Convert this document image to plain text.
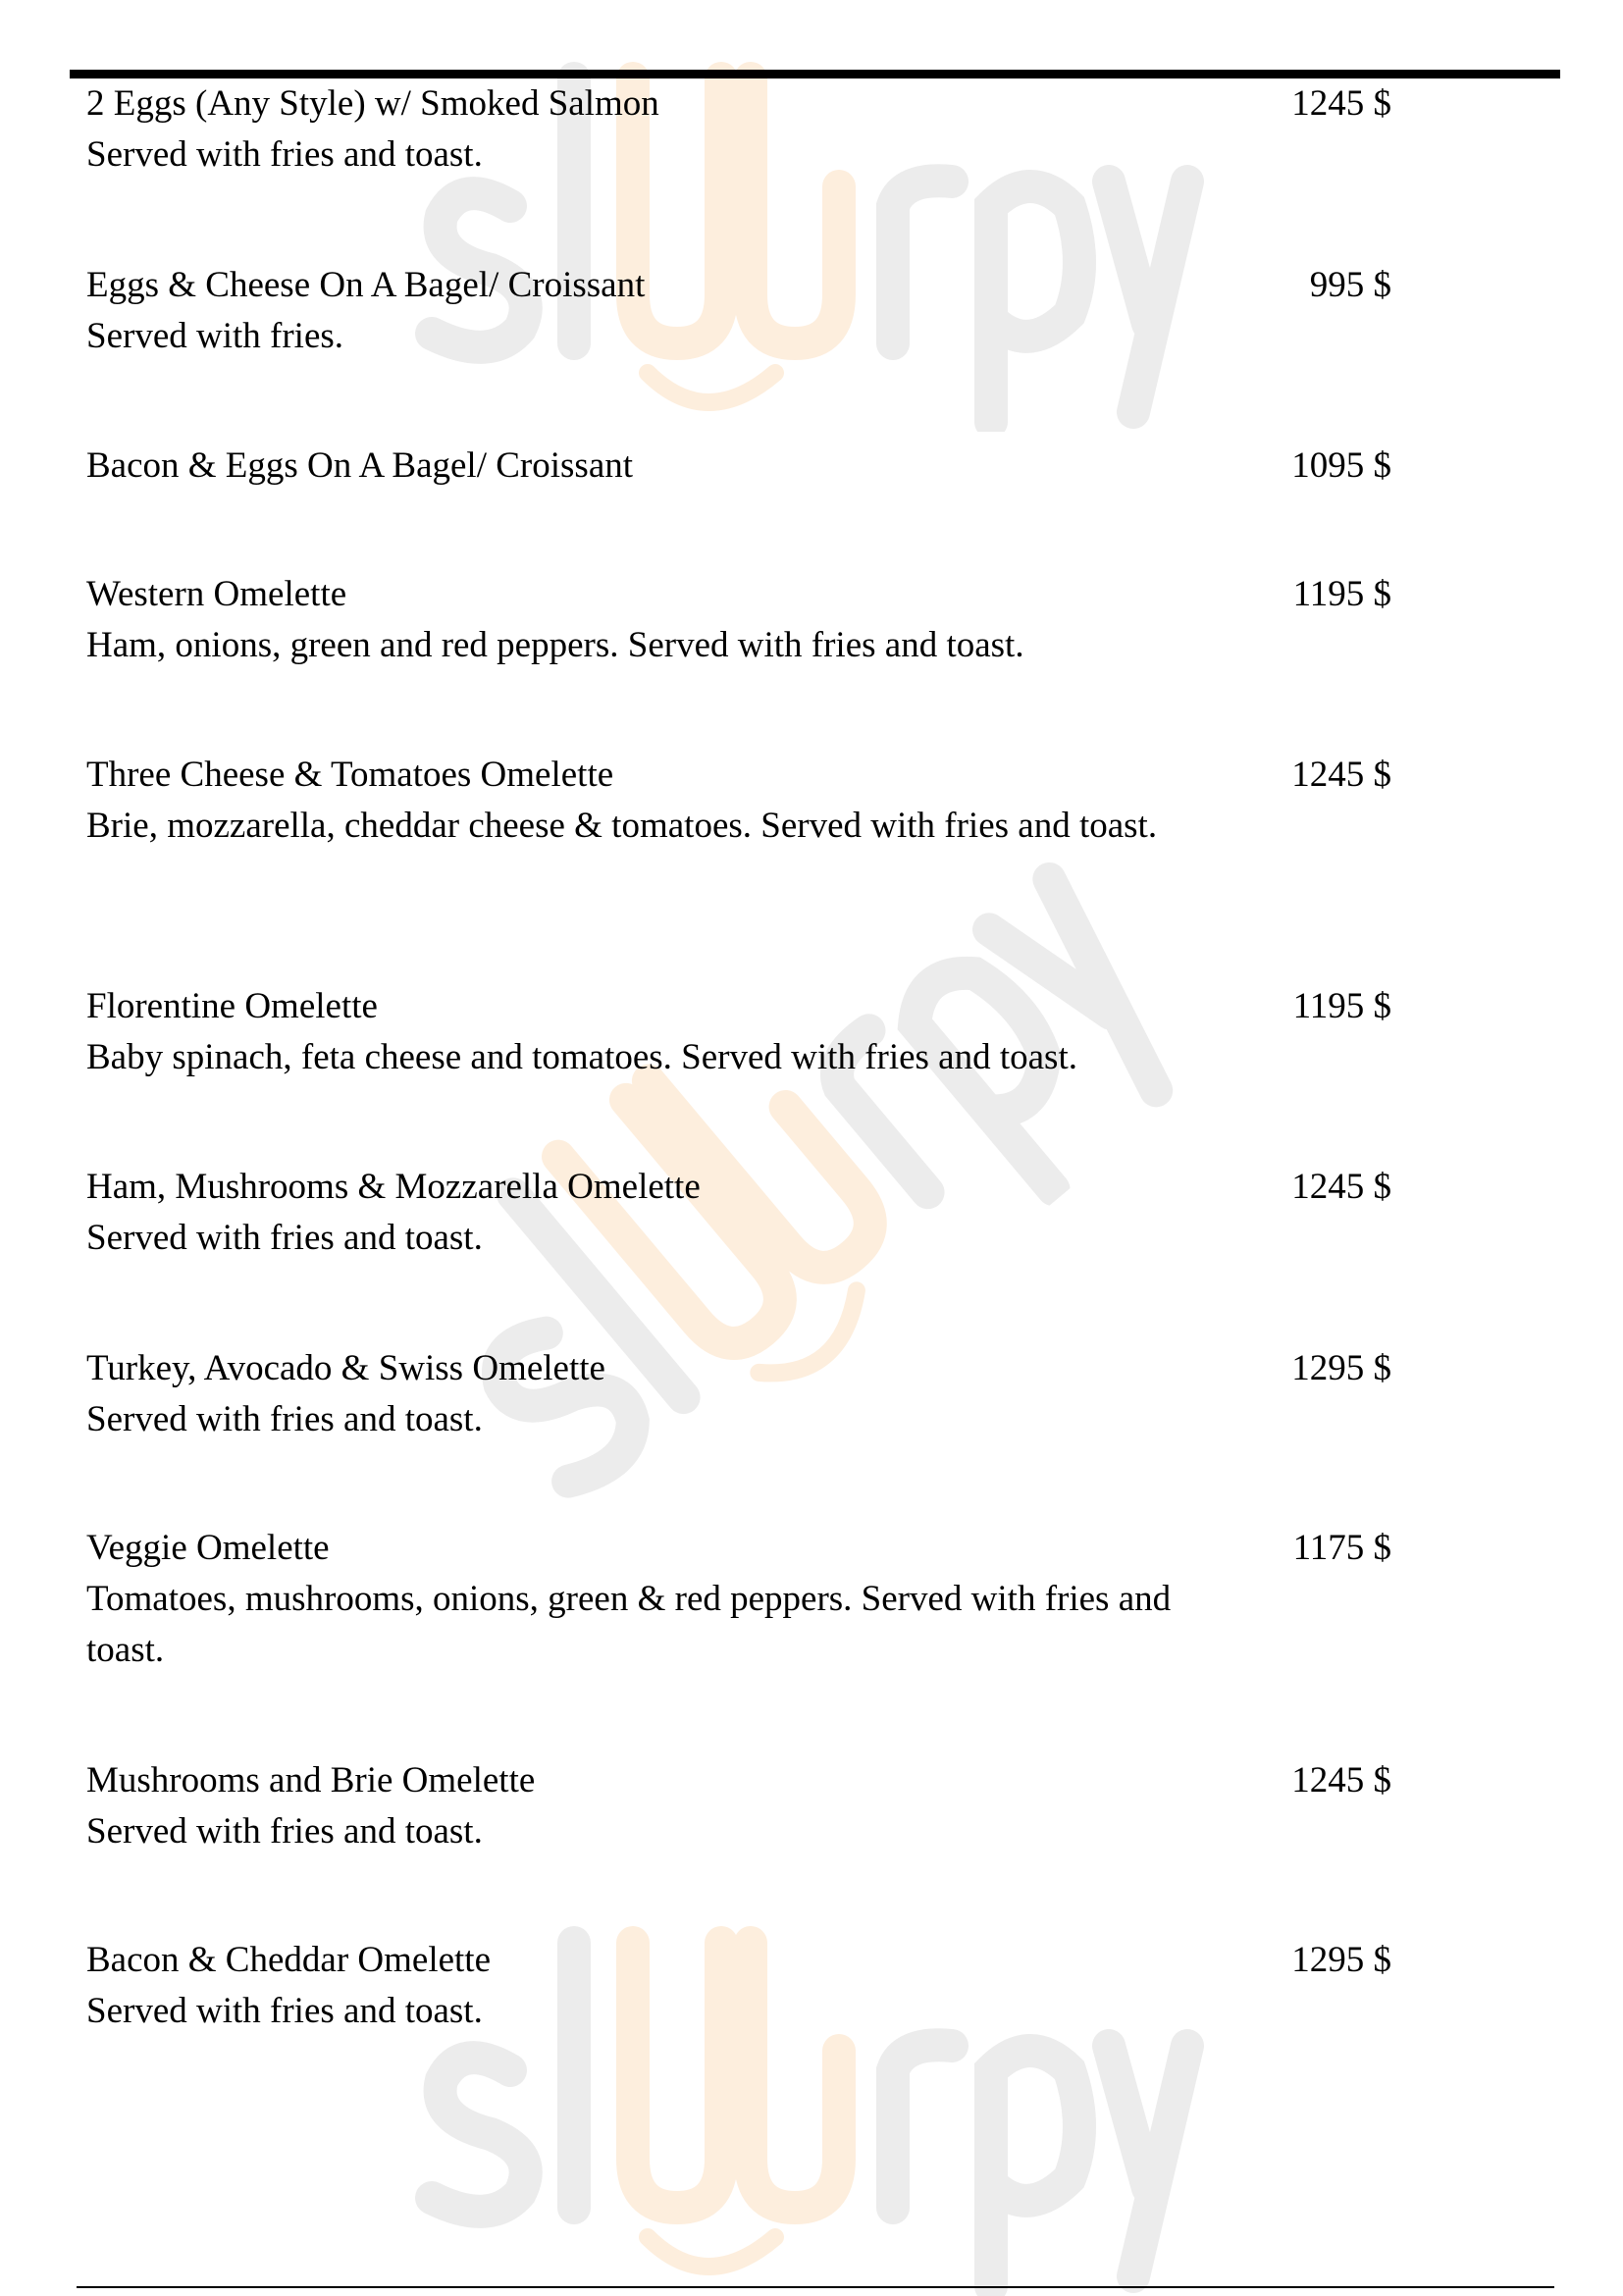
2 Eggs (Any Style) w/ Smoked Salmon
Served with fries and toast.
1245 $
Eggs & Cheese On A Bagel/ Croissant
Served with fries.
995 $
Bacon & Eggs On A Bagel/ Croissant	1095 $
Western Omelette
Ham, onions, green and red peppers. Served with fries and toast.
1195 $
Three Cheese & Tomatoes Omelette
Brie, mozzarella, cheddar cheese & tomatoes. Served with fries and toast.
1245 $
Florentine Omelette
Baby spinach, feta cheese and tomatoes. Served with fries and toast.
1195 $
Ham, Mushrooms & Mozzarella Omelette
Served with fries and toast.
1245 $
Turkey, Avocado & Swiss Omelette
Served with fries and toast.
1295 $
Veggie Omelette
Tomatoes, mushrooms, onions, green & red peppers. Served with fries and toast.
1175 $
Mushrooms and Brie Omelette
Served with fries and toast.
1245 $
Bacon & Cheddar Omelette
Served with fries and toast.
1295 $
